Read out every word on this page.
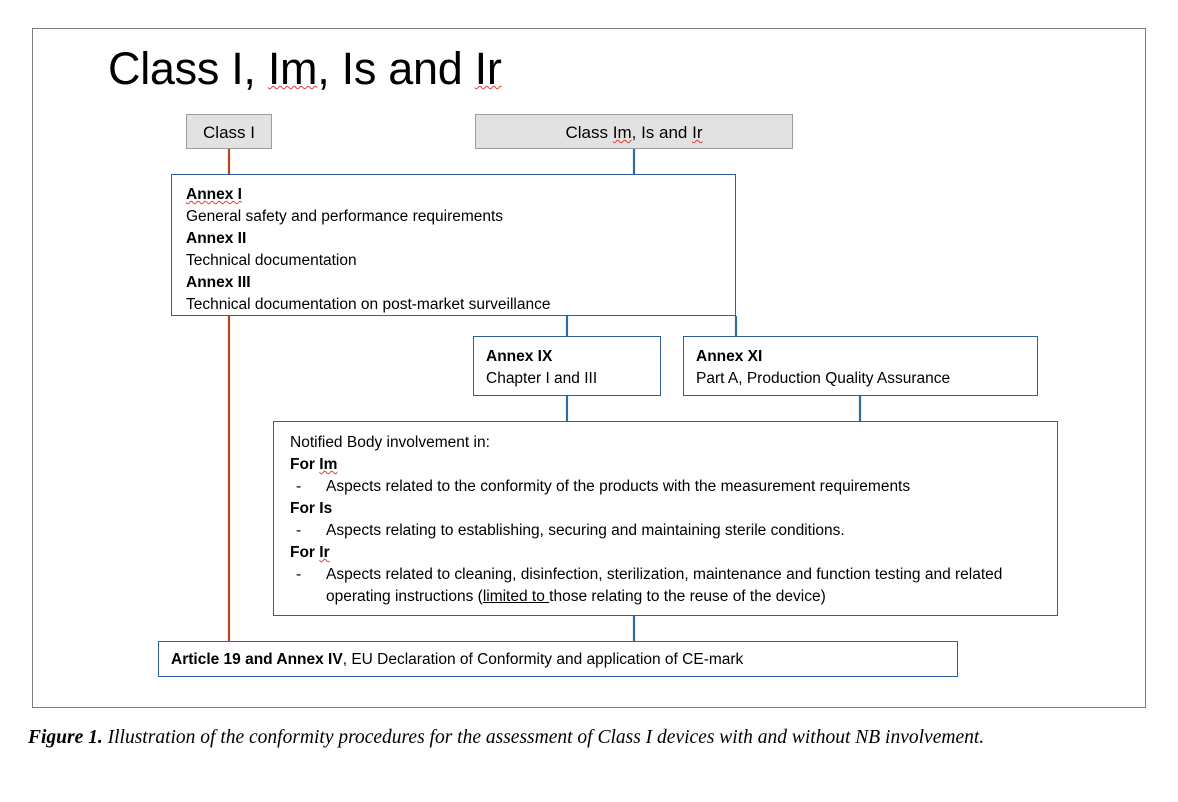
Class I, Im, Is and Ir
Class I	Class Im, Is and Ir
Annex I
General safety and performance requirements
Annex II
Technical documentation
Annex III
Technical documentation on post-market surveillance
Annex IX
Chapter I and III
Annex XI
Part A, Production Quality Assurance
Notified Body involvement in:
For Im
-	Aspects related to the conformity of the products with the measurement requirements
For Is
-	Aspects relating to establishing, securing and maintaining sterile conditions.
For Ir
-	Aspects related to cleaning, disinfection, sterilization, maintenance and function testing and related operating instructions (limited to those relating to the reuse of the device)
Article 19 and Annex IV, EU Declaration of Conformity and application of CE-mark
Figure 1. Illustration of the conformity procedures for the assessment of Class I devices with and without NB involvement.
